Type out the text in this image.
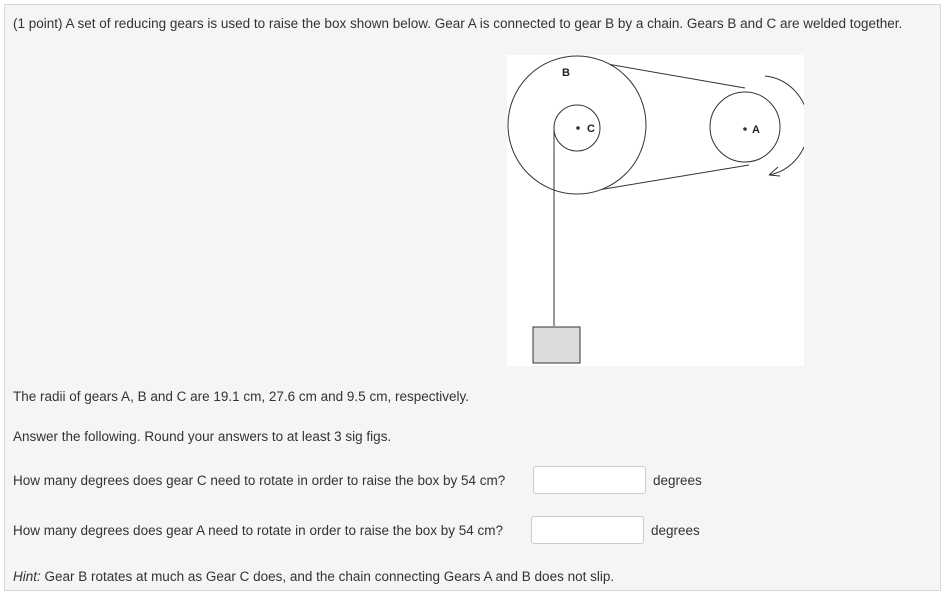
(1 point) A set of reducing gears is used to raise the box shown below. Gear A is connected to gear B by a chain. Gears B and C are welded together.
B
C	A
The radii of gears A, B and C are 19.1 cm, 27.6 cm and 9.5 cm, respectively.
Answer the following. Round your answers to at least 3 sig figs.
How many degrees does gear C need to rotate in order to raise the box by 54 cm?	degrees
How many degrees does gear A need to rotate in order to raise the box by 54 cm?	degrees
Hint: Gear B rotates at much as Gear C does, and the chain connecting Gears A and B does not slip.
